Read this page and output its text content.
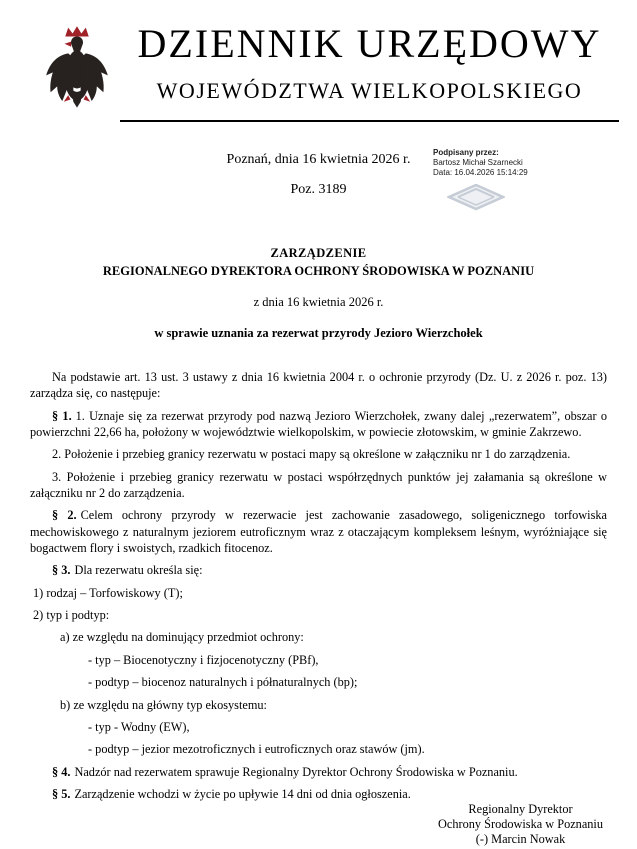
DZIENNIK URZĘDOWY
WOJEWÓDZTWA WIELKOPOLSKIEGO
Poznań, dnia 16 kwietnia 2026 r.	Podpisany przez:
Bartosz Michał Szarnecki
Data: 16.04.2026 15:14:29
Poz. 3189
ZARZĄDZENIE
REGIONALNEGO DYREKTORA OCHRONY ŚRODOWISKA W POZNANIU
z dnia 16 kwietnia 2026 r.
w sprawie uznania za rezerwat przyrody Jezioro Wierzchołek

Na podstawie art. 13 ust. 3 ustawy z dnia 16 kwietnia 2004 r. o ochronie przyrody (Dz. U. z 2026 r. poz. 13) zarządza się, co następuje:

§ 1. 1. Uznaje się za rezerwat przyrody pod nazwą Jezioro Wierzchołek, zwany dalej „rezerwatem”, obszar o powierzchni 22,66 ha, położony w województwie wielkopolskim, w powiecie złotowskim, w gminie Zakrzewo.

2. Położenie i przebieg granicy rezerwatu w postaci mapy są określone w załączniku nr 1 do zarządzenia.

3. Położenie i przebieg granicy rezerwatu w postaci współrzędnych punktów jej załamania są określone w załączniku nr 2 do zarządzenia.

§ 2. Celem ochrony przyrody w rezerwacie jest zachowanie zasadowego, soligenicznego torfowiska mechowiskowego z naturalnym jeziorem eutroficznym wraz z otaczającym kompleksem leśnym, wyróżniające się bogactwem flory i swoistych, rzadkich fitocenoz.

§ 3. Dla rezerwatu określa się:

1) rodzaj – Torfowiskowy (T);

2) typ i podtyp:

a) ze względu na dominujący przedmiot ochrony:

- typ – Biocenotyczny i fizjocenotyczny (PBf),

- podtyp – biocenoz naturalnych i półnaturalnych (bp);

b) ze względu na główny typ ekosystemu:

- typ - Wodny (EW),

- podtyp – jezior mezotroficznych i eutroficznych oraz stawów (jm).

§ 4. Nadzór nad rezerwatem sprawuje Regionalny Dyrektor Ochrony Środowiska w Poznaniu.

§ 5. Zarządzenie wchodzi w życie po upływie 14 dni od dnia ogłoszenia.

Regionalny Dyrektor
Ochrony Środowiska w Poznaniu
(-) Marcin Nowak
